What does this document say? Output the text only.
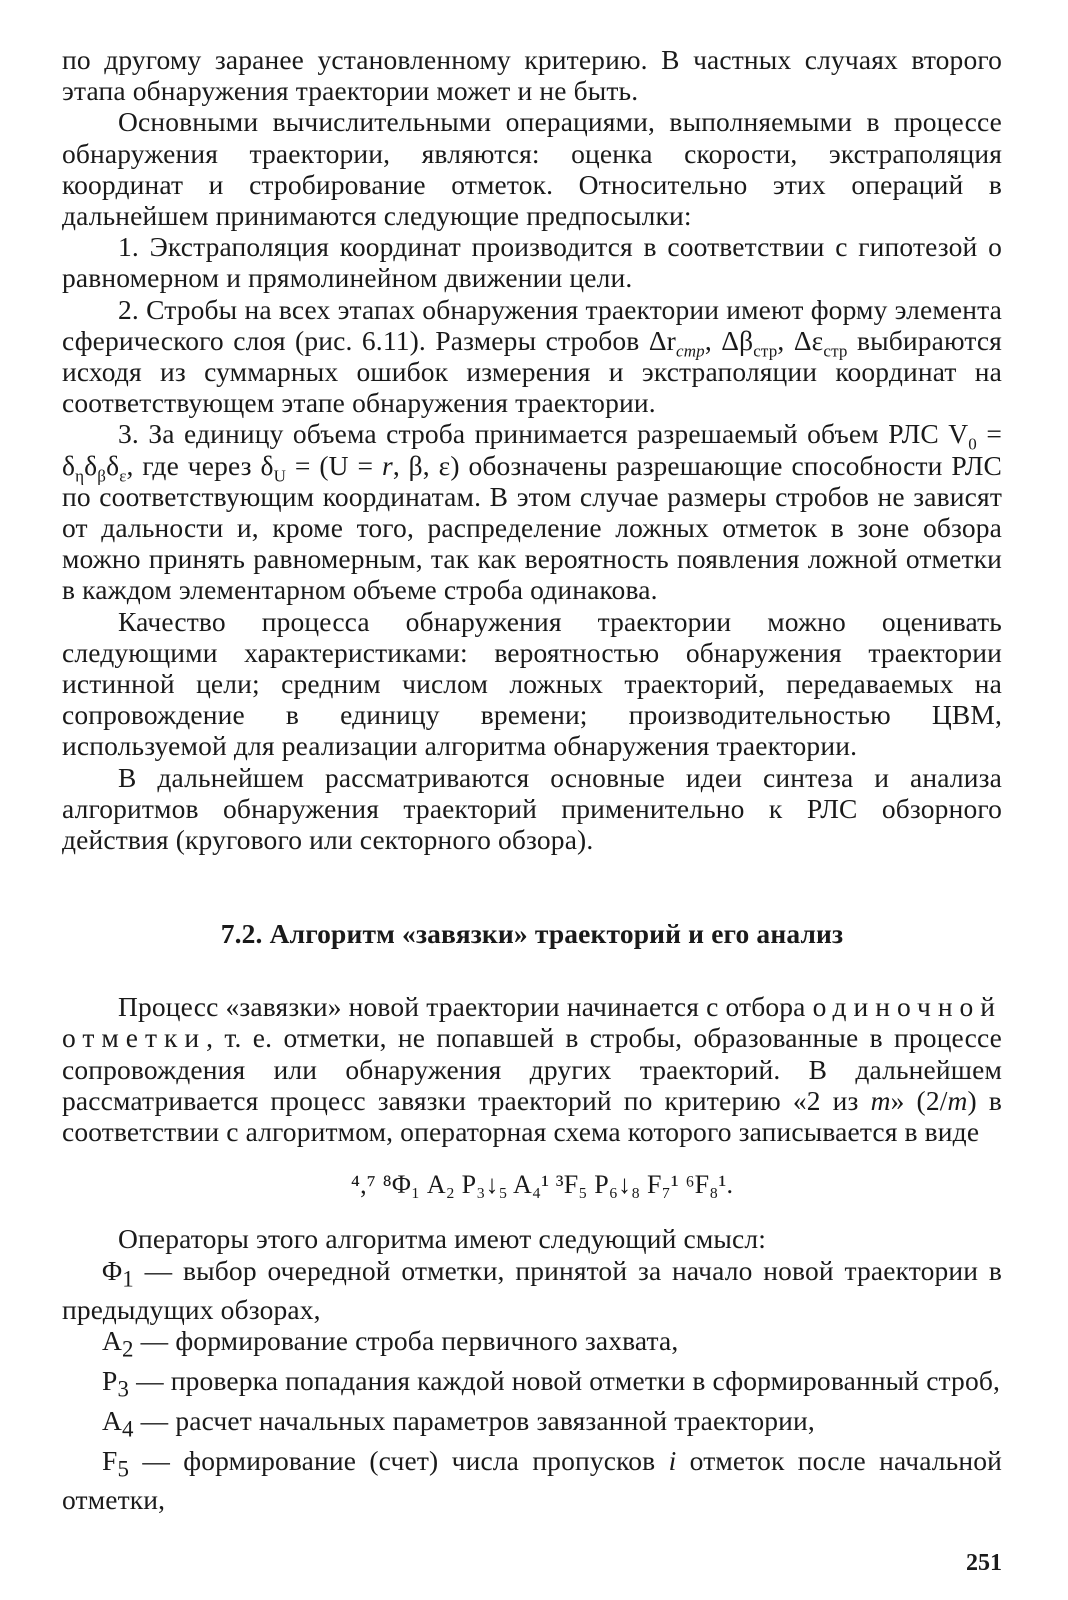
по другому заранее установленному критерию. В частных случаях второго этапа обнаружения траектории может и не быть.

Основными вычислительными операциями, выполняемыми в процессе обнаружения траектории, являются: оценка скорости, экстраполяция координат и стробирование отметок. Относительно этих операций в дальнейшем принимаются следующие предпосылки:

1. Экстраполяция координат производится в соответствии с гипотезой о равномерном и прямолинейном движении цели.

2. Стробы на всех этапах обнаружения траектории имеют форму элемента сферического слоя (рис. 6.11). Размеры стробов $\Delta r_{стр}$, $\Delta\beta_{стр}$, $\Delta\varepsilon_{стр}$ выбираются исходя из суммарных ошибок измерения и экстраполяции координат на соответствующем этапе обнаружения траектории.

3. За единицу объема строба принимается разрешаемый объем РЛС $V_0 = \delta_\eta\delta_\beta\delta_\varepsilon$, где через $\delta_U = (U = r$, β, ε) обозначены разрешающие способности РЛС по соответствующим координатам. В этом случае размеры стробов не зависят от дальности и, кроме того, распределение ложных отметок в зоне обзора можно принять равномерным, так как вероятность появления ложной отметки в каждом элементарном объеме строба одинакова.

Качество процесса обнаружения траектории можно оценивать следующими характеристиками: вероятностью обнаружения траектории истинной цели; средним числом ложных траекторий, передаваемых на сопровождение в единицу времени; производительностью ЦВМ, используемой для реализации алгоритма обнаружения траектории.

В дальнейшем рассматриваются основные идеи синтеза и анализа алгоритмов обнаружения траекторий применительно к РЛС обзорного действия (кругового или секторного обзора).

7.2. Алгоритм «завязки» траекторий и его анализ

Процесс «завязки» новой траектории начинается с отбора одиночной отметки, т. е. отметки, не попавшей в стробы, образованные в процессе сопровождения или обнаружения других траекторий. В дальнейшем рассматривается процесс завязки траекторий по критерию «2 из m» (2/m) в соответствии с алгоритмом, операторная схема которого записывается в виде

⁴,⁷ ⁸Φ₁ A₂ P₃↓₅ A₄¹ ³F₅ P₆↓₈ F₇¹ ⁶F₈¹.

Операторы этого алгоритма имеют следующий смысл:

$\Phi_1$ — выбор очередной отметки, принятой за начало новой траектории в предыдущих обзорах,

$A_2$ — формирование строба первичного захвата,

$P_3$ — проверка попадания каждой новой отметки в сформированный строб,

$A_4$ — расчет начальных параметров завязанной траектории,

$F_5$ — формирование (счет) числа пропусков i отметок после начальной отметки,

251
